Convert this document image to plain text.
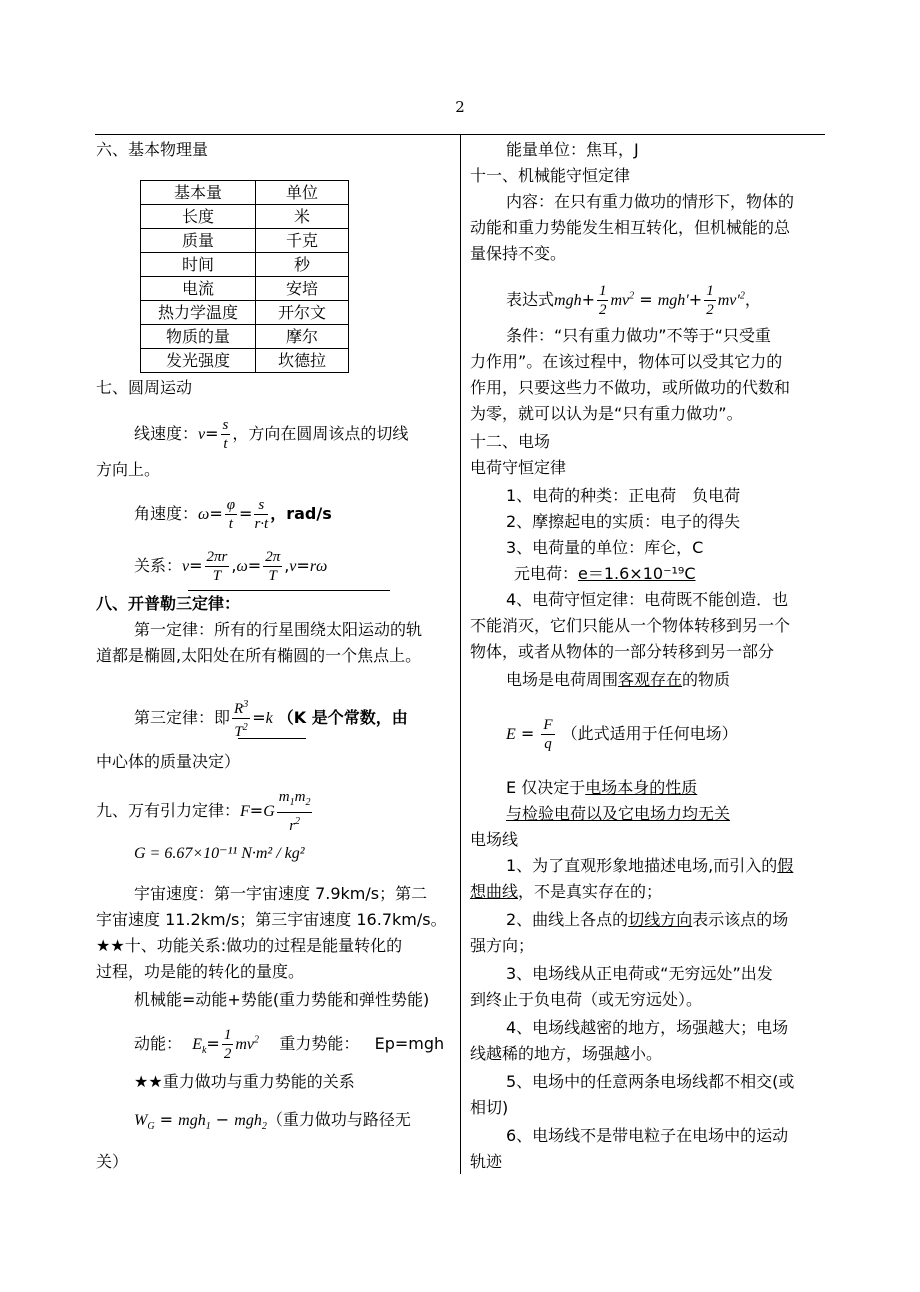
2
六、基本物理量
基本量	单位
长度	米
质量	千克
时间	秒
电流	安培
热力学温度	开尔文
物质的量	摩尔
发光强度	坎德拉
七、圆周运动
线速度：$v= \frac{s}{t}$ ，方向在圆周该点的切线
方向上。
角速度：$\omega= \frac{\varphi}{t} = \frac{s}{r\cdot t}$ ，rad/s
关系：$v= \frac{2\pi r}{T} ,\omega= \frac{2\pi}{T} ,v=r\omega$
八、开普勒三定律：
第一定律：所有的行星围绕太阳运动的轨
道都是椭圆,太阳处在所有椭圆的一个焦点上。
第三定律：即 $\frac{R^3}{T^2} =k$ （K 是个常数，由
中心体的质量决定）
九、万有引力定律：$F=G \frac{m_1m_2}{r^2}$
G = 6.67×10⁻¹¹ N·m² / kg²
宇宙速度：第一宇宙速度 7.9km/s；第二
宇宙速度 11.2km/s；第三宇宙速度 16.7km/s。
★★十、功能关系:做功的过程是能量转化的
过程，功是能的转化的量度。
机械能=动能+势能(重力势能和弹性势能)
动能： $E_k= \frac{1}{2} mv^2$ 重力势能： Ep=mgh
★★重力做功与重力势能的关系
$W_G = mgh_1 - mgh_2$（重力做功与路径无
关）
能量单位：焦耳，J
十一、机械能守恒定律
内容：在只有重力做功的情形下，物体的
动能和重力势能发生相互转化，但机械能的总
量保持不变。
表达式$mgh+ \frac{1}{2} mv^2 = mgh'+ \frac{1}{2} mv'^2$，
条件：“只有重力做功”不等于“只受重
力作用”。在该过程中，物体可以受其它力的
作用，只要这些力不做功，或所做功的代数和
为零，就可以认为是“只有重力做功”。
十二、电场
电荷守恒定律
1、电荷的种类：正电荷　负电荷
2、摩擦起电的实质：电子的得失
3、电荷量的单位：库仑，C
元电荷：e＝1.6×10⁻¹⁹C
4、电荷守恒定律：电荷既不能创造．也
不能消灭，它们只能从一个物体转移到另一个
物体，或者从物体的一部分转移到另一部分
电场是电荷周围客观存在的物质
$E = \frac{F}{q}$ （此式适用于任何电场）
E 仅决定于电场本身的性质
与检验电荷以及它电场力均无关
电场线
1、为了直观形象地描述电场,而引入的假
想曲线，不是真实存在的；
2、曲线上各点的切线方向表示该点的场
强方向；
3、电场线从正电荷或“无穷远处”出发
到终止于负电荷（或无穷远处）。
4、电场线越密的地方，场强越大；电场
线越稀的地方，场强越小。
5、电场中的任意两条电场线都不相交(或
相切)
6、电场线不是带电粒子在电场中的运动
轨迹
